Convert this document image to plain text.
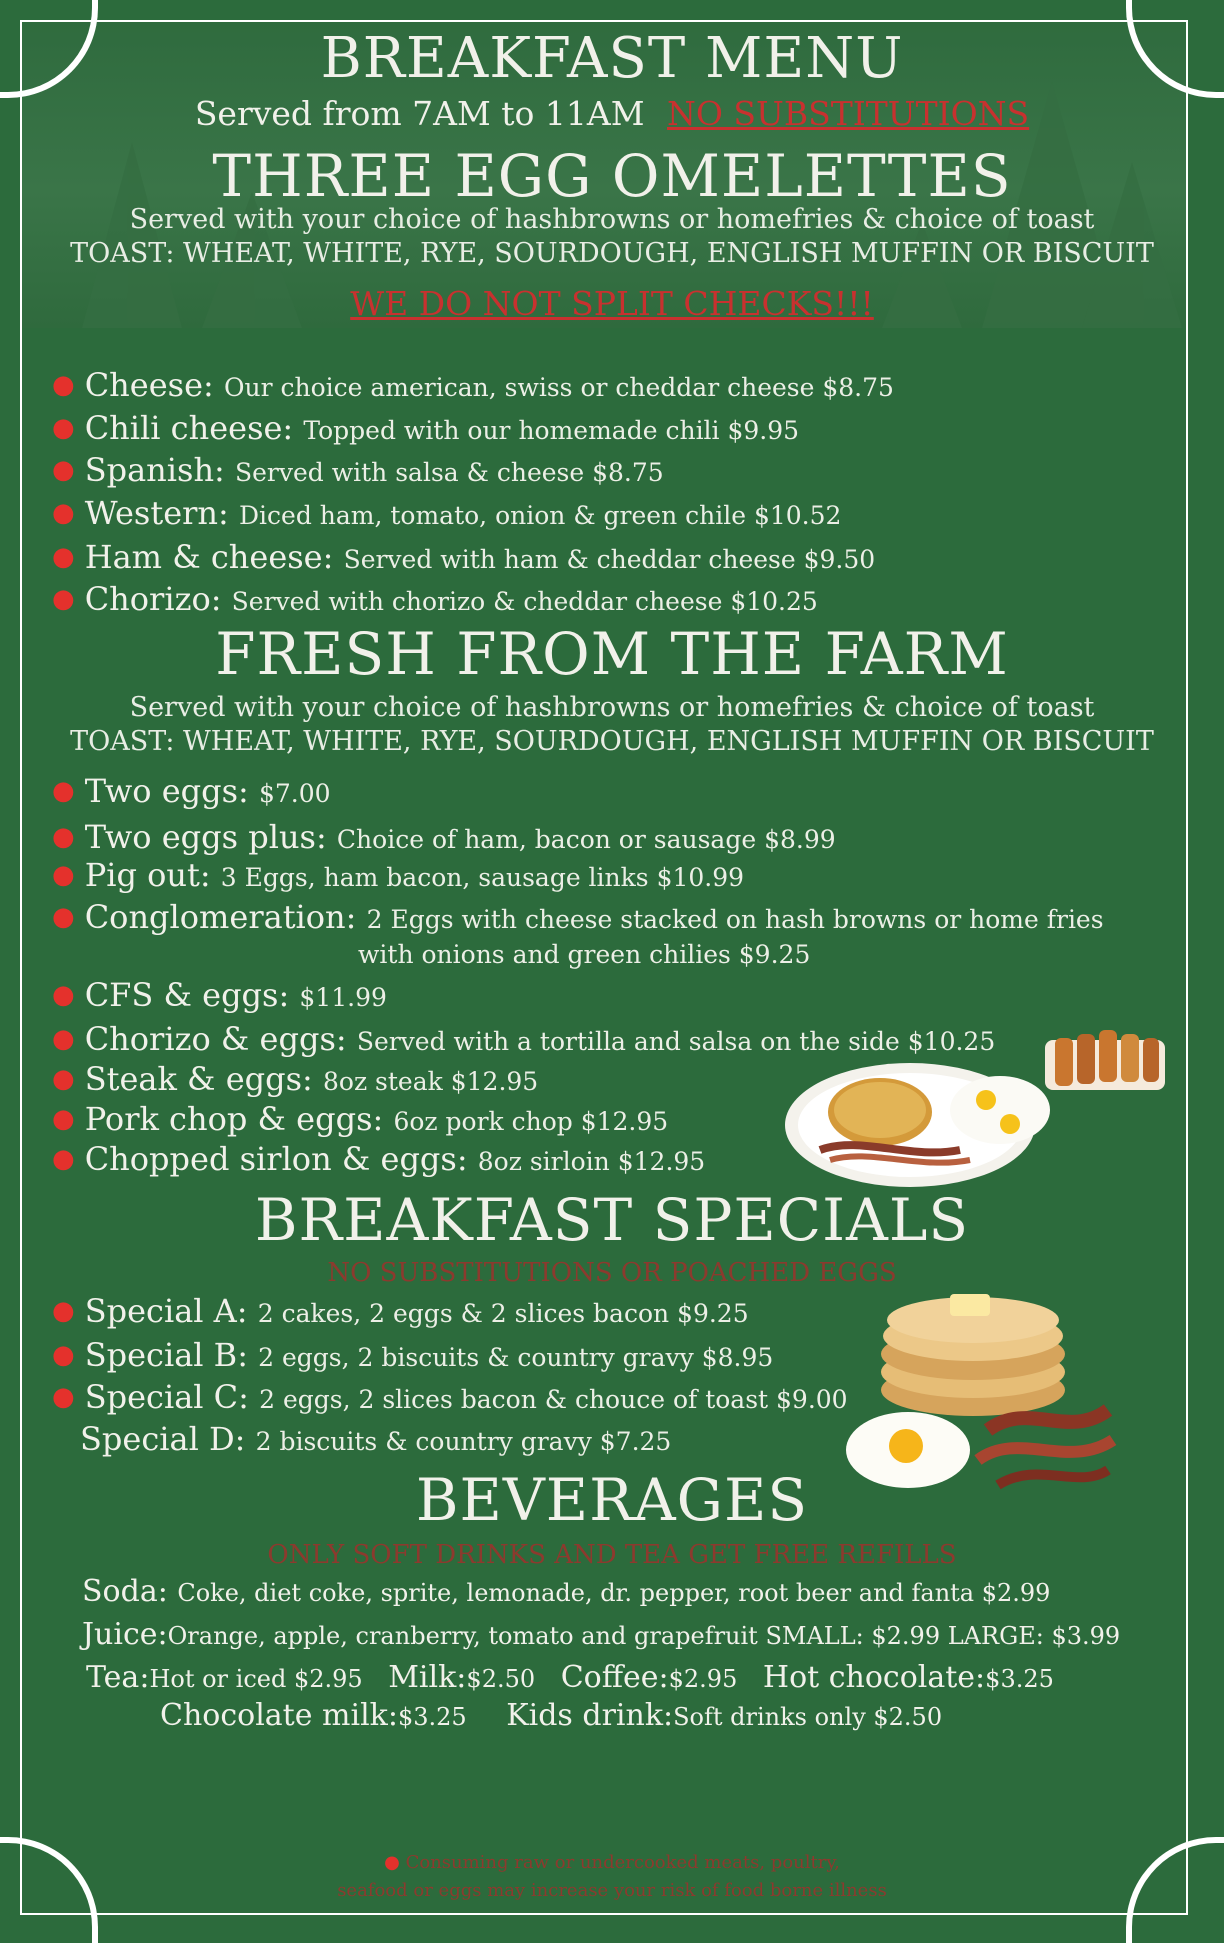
BREAKFAST MENU
Served from 7AM to 11AM NO SUBSTITUTIONS
THREE EGG OMELETTES
Served with your choice of hashbrowns or homefries & choice of toast
TOAST: WHEAT, WHITE, RYE, SOURDOUGH, ENGLISH MUFFIN OR BISCUIT
WE DO NOT SPLIT CHECKS!!!
● Cheese: Our choice american, swiss or cheddar cheese $8.75
● Chili cheese: Topped with our homemade chili $9.95
● Spanish: Served with salsa & cheese $8.75
● Western: Diced ham, tomato, onion & green chile $10.52
● Ham & cheese: Served with ham & cheddar cheese $9.50
● Chorizo: Served with chorizo & cheddar cheese $10.25
FRESH FROM THE FARM
Served with your choice of hashbrowns or homefries & choice of toast
TOAST: WHEAT, WHITE, RYE, SOURDOUGH, ENGLISH MUFFIN OR BISCUIT
● Two eggs: $7.00
● Two eggs plus: Choice of ham, bacon or sausage $8.99
● Pig out: 3 Eggs, ham bacon, sausage links $10.99
● Conglomeration: 2 Eggs with cheese stacked on hash browns or home fries
with onions and green chilies $9.25
● CFS & eggs: $11.99
● Chorizo & eggs: Served with a tortilla and salsa on the side $10.25
● Steak & eggs: 8oz steak $12.95
● Pork chop & eggs: 6oz pork chop $12.95
● Chopped sirlon & eggs: 8oz sirloin $12.95
BREAKFAST SPECIALS
NO SUBSTITUTIONS OR POACHED EGGS
● Special A: 2 cakes, 2 eggs & 2 slices bacon $9.25
● Special B: 2 eggs, 2 biscuits & country gravy $8.95
● Special C: 2 eggs, 2 slices bacon & chouce of toast $9.00
Special D: 2 biscuits & country gravy $7.25
BEVERAGES
ONLY SOFT DRINKS AND TEA GET FREE REFILLS
Soda: Coke, diet coke, sprite, lemonade, dr. pepper, root beer and fanta $2.99
Juice:Orange, apple, cranberry, tomato and grapefruit SMALL: $2.99 LARGE: $3.99
Tea:Hot or iced $2.95 Milk:$2.50 Coffee:$2.95 Hot chocolate:$3.25
Chocolate milk:$3.25 Kids drink:Soft drinks only $2.50
● Consuming raw or undercooked meats, poultry,
seafood or eggs may increase your risk of food borne illness
